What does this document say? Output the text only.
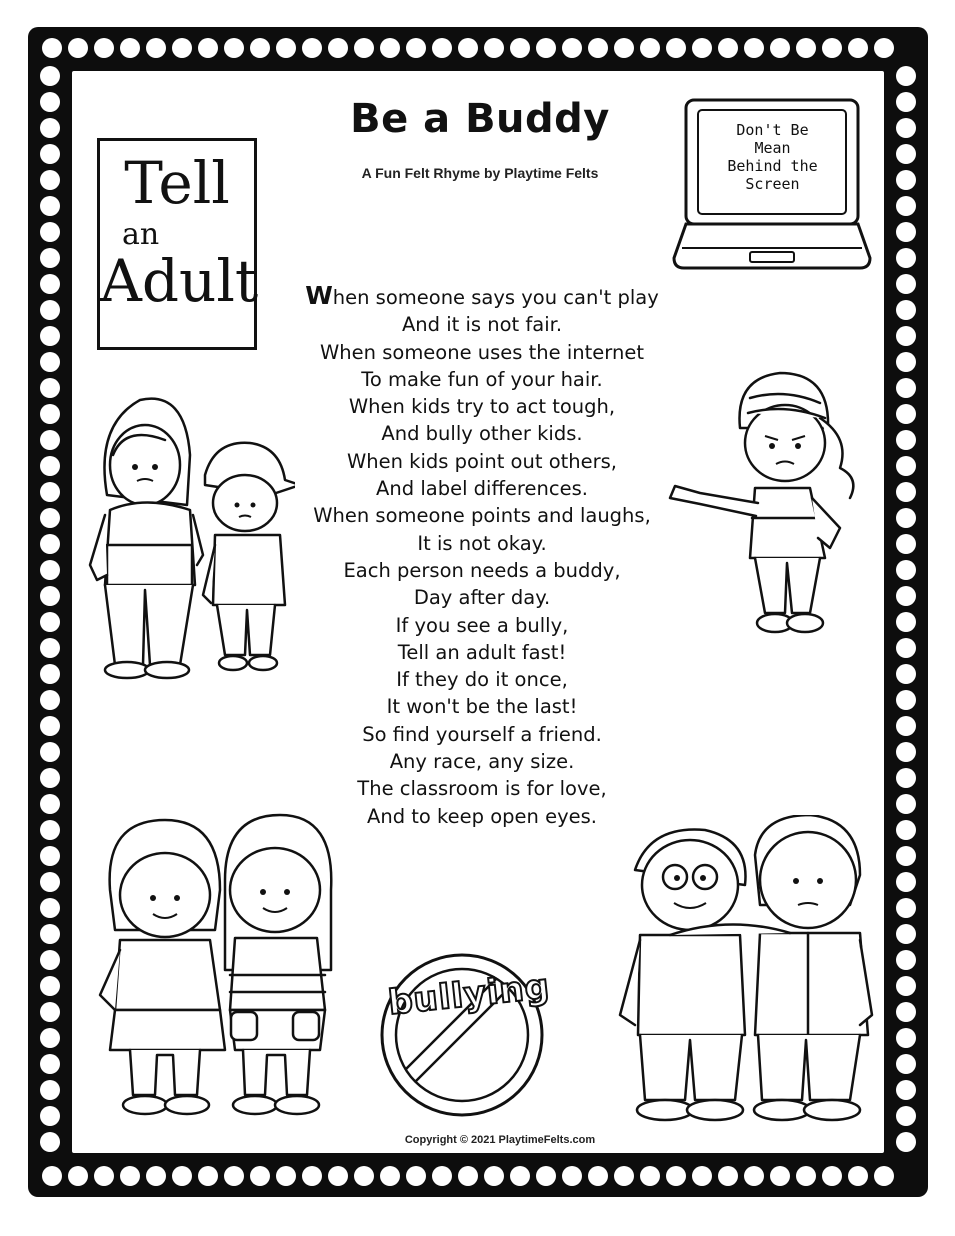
Be a Buddy
A Fun Felt Rhyme by Playtime Felts
Tell
an
Adult
Don't Be
Mean
Behind the
Screen
When someone says you can't play
And it is not fair.
When someone uses the internet
To make fun of your hair.
When kids try to act tough,
And bully other kids.
When kids point out others,
And label differences.
When someone points and laughs,
It is not okay.
Each person needs a buddy,
Day after day.
If you see a bully,
Tell an adult fast!
If they do it once,
It won't be the last!
So find yourself a friend.
Any race, any size.
The classroom is for love,
And to keep open eyes.
bullying
Copyright © 2021 PlaytimeFelts.com
